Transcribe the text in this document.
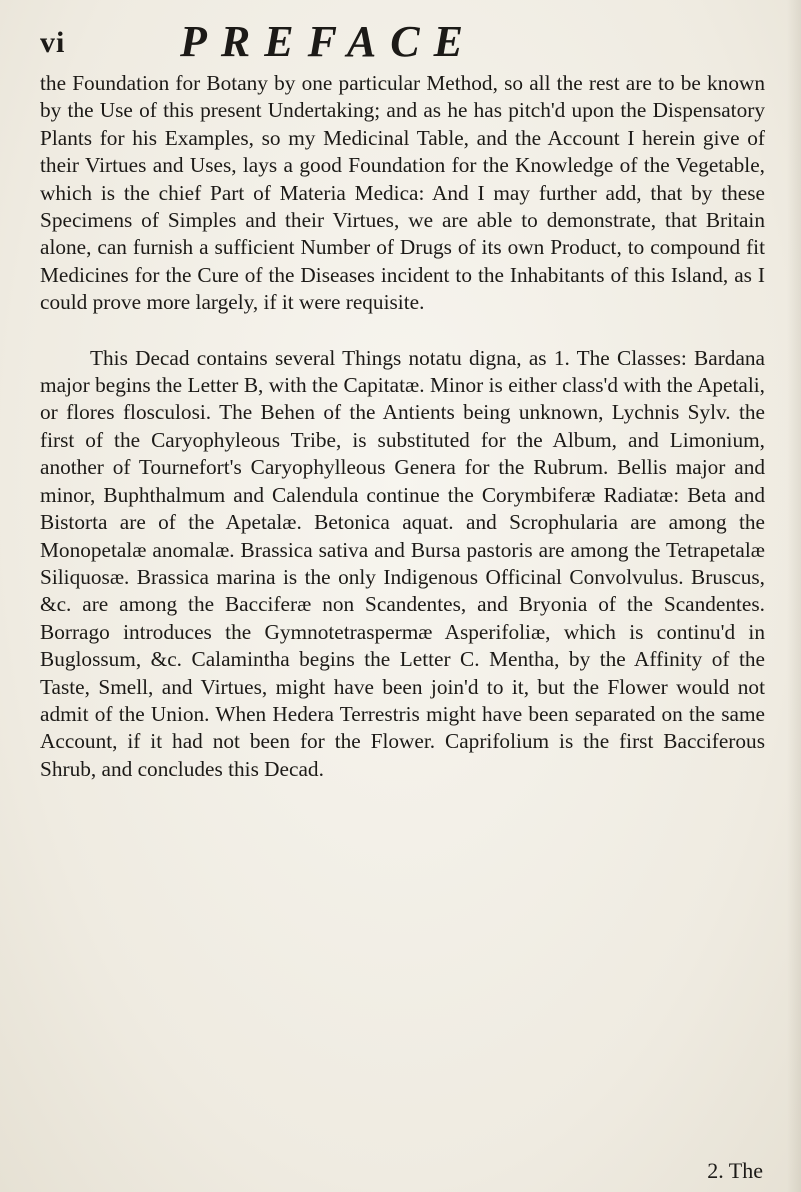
vi	PREFACE

the Foundation for Botany by one particular Method, so all the rest are to be known by the Use of this present Undertaking; and as he has pitch'd upon the Dispensatory Plants for his Examples, so my Medicinal Table, and the Account I herein give of their Virtues and Uses, lays a good Foundation for the Knowledge of the Vegetable, which is the chief Part of Materia Medica: And I may further add, that by these Specimens of Simples and their Virtues, we are able to demonstrate, that Britain alone, can furnish a sufficient Number of Drugs of its own Product, to compound fit Medicines for the Cure of the Diseases incident to the Inhabitants of this Island, as I could prove more largely, if it were requisite.

This Decad contains several Things notatu digna, as 1. The Classes: Bardana major begins the Letter B, with the Capitatæ. Minor is either class'd with the Apetali, or flores flosculosi. The Behen of the Antients being unknown, Lychnis Sylv. the first of the Caryophyleous Tribe, is substituted for the Album, and Limonium, another of Tournefort's Caryophylleous Genera for the Rubrum. Bellis major and minor, Buphthalmum and Calendula continue the Corymbiferæ Radiatæ: Beta and Bistorta are of the Apetalæ. Betonica aquat. and Scrophularia are among the Monopetalæ anomalæ. Brassica sativa and Bursa pastoris are among the Tetrapetalæ Siliquosæ. Brassica marina is the only Indigenous Officinal Convolvulus. Bruscus, &c. are among the Bacciferæ non Scandentes, and Bryonia of the Scandentes. Borrago introduces the Gymnotetraspermæ Asperifoliæ, which is continu'd in Buglossum, &c. Calamintha begins the Letter C. Mentha, by the Affinity of the Taste, Smell, and Virtues, might have been join'd to it, but the Flower would not admit of the Union. When Hedera Terrestris might have been separated on the same Account, if it had not been for the Flower. Caprifolium is the first Bacciferous Shrub, and concludes this Decad.

2. The
